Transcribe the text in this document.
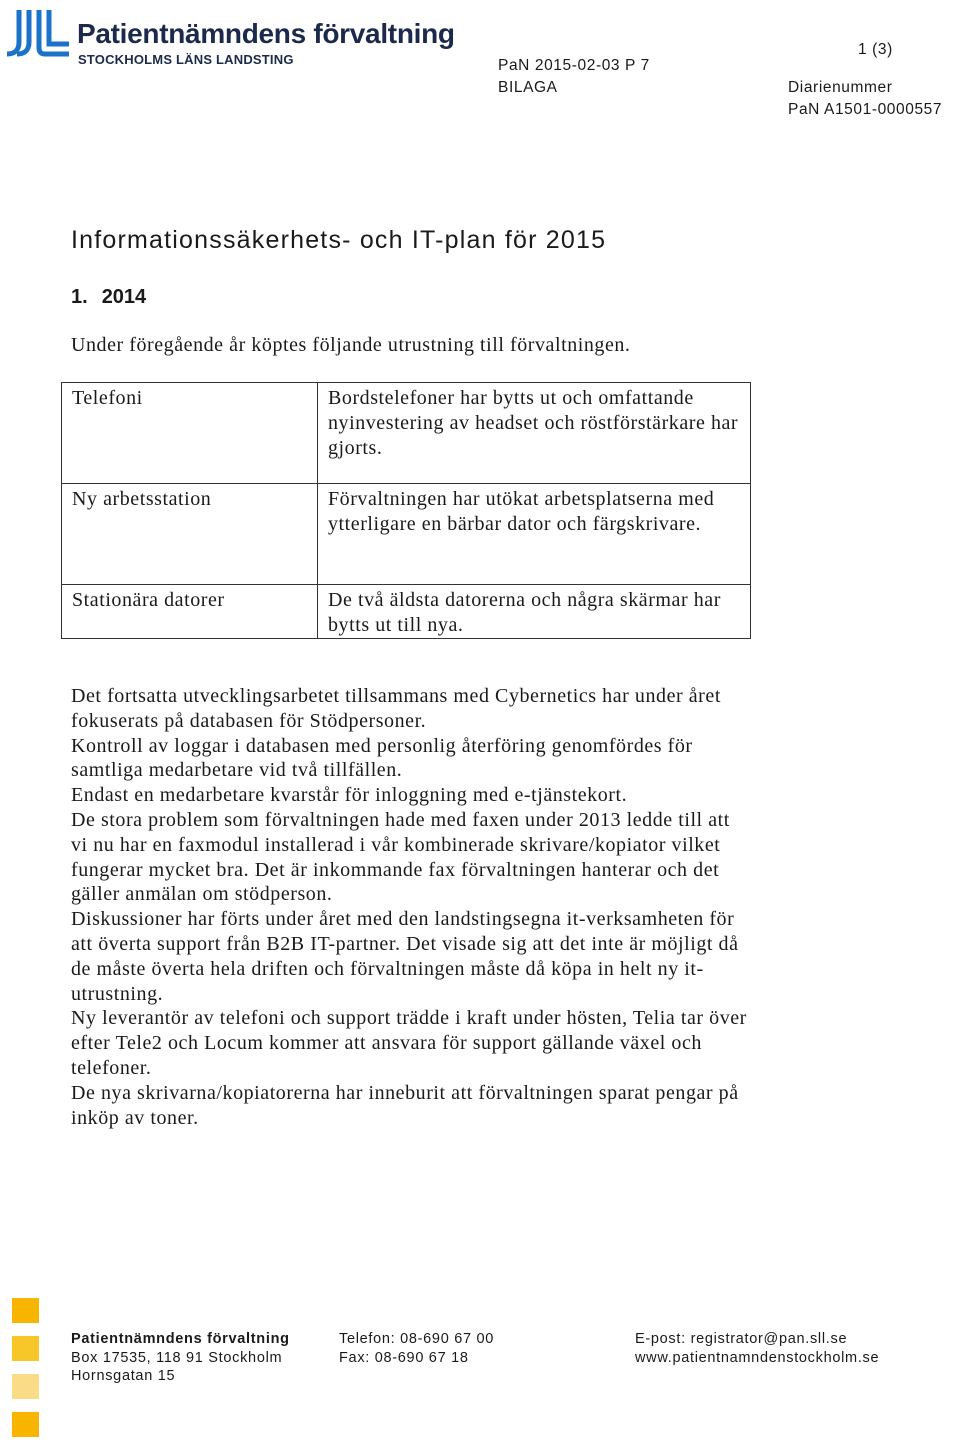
Patientnämndens förvaltning
STOCKHOLMS LÄNS LANDSTING
1 (3)
PaN 2015-02-03 P 7
BILAGA	Diarienummer
PaN A1501-0000557
Informationssäkerhets- och IT-plan för 2015
1. 2014
Under föregående år köptes följande utrustning till förvaltningen.
Telefoni	Bordstelefoner har bytts ut och omfattande nyinvestering av headset och röstförstärkare har gjorts.
Ny arbetsstation	Förvaltningen har utökat arbetsplatserna med ytterligare en bärbar dator och färgskrivare.
Stationära datorer	De två äldsta datorerna och några skärmar har bytts ut till nya.

Det fortsatta utvecklingsarbetet tillsammans med Cybernetics har under året fokuserats på databasen för Stödpersoner.

Kontroll av loggar i databasen med personlig återföring genomfördes för samtliga medarbetare vid två tillfällen.

Endast en medarbetare kvarstår för inloggning med e-tjänstekort.

De stora problem som förvaltningen hade med faxen under 2013 ledde till att vi nu har en faxmodul installerad i vår kombinerade skrivare/kopiator vilket fungerar mycket bra. Det är inkommande fax förvaltningen hanterar och det gäller anmälan om stödperson.

Diskussioner har förts under året med den landstingsegna it-verksamheten för att överta support från B2B IT-partner. Det visade sig att det inte är möjligt då de måste överta hela driften och förvaltningen måste då köpa in helt ny it-utrustning.

Ny leverantör av telefoni och support trädde i kraft under hösten, Telia tar över efter Tele2 och Locum kommer att ansvara för support gällande växel och telefoner.

De nya skrivarna/kopiatorerna har inneburit att förvaltningen sparat pengar på inköp av toner.

Patientnämndens förvaltning
Box 17535, 118 91 Stockholm
Hornsgatan 15
Telefon: 08-690 67 00
Fax: 08-690 67 18
E-post: registrator@pan.sll.se
www.patientnamndenstockholm.se
